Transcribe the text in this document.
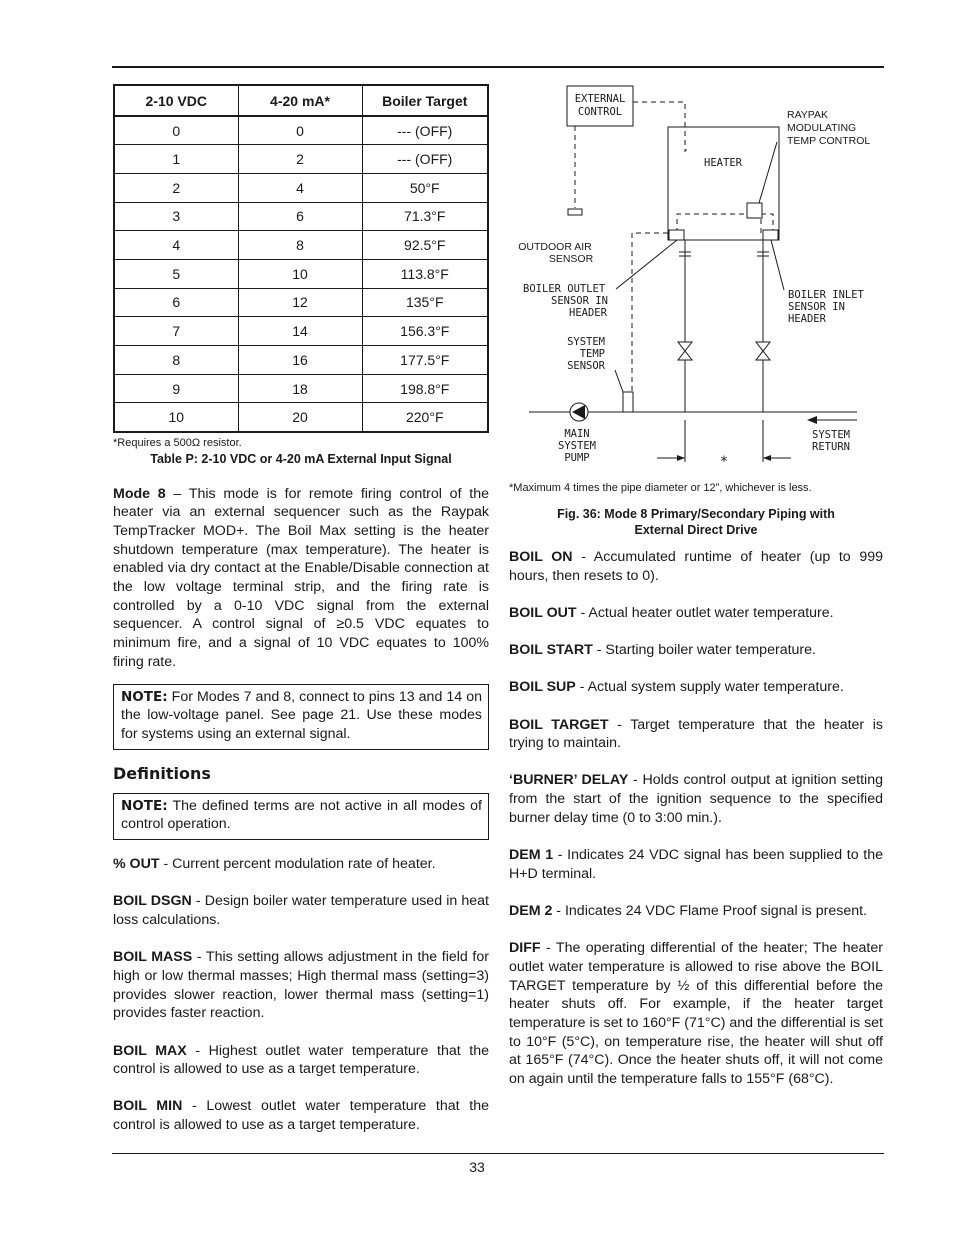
2-10 VDC	4-20 mA*	Boiler Target
0	0	--- (OFF)
1	2	--- (OFF)
2	4	50°F
3	6	71.3°F
4	8	92.5°F
5	10	113.8°F
6	12	135°F
7	14	156.3°F
8	16	177.5°F
9	18	198.8°F
10	20	220°F
*Requires a 500Ω resistor.
Table P: 2-10 VDC or 4-20 mA External Input Signal

Mode 8 – This mode is for remote firing control of the heater via an external sequencer such as the Raypak TempTracker MOD+. The Boil Max setting is the heater shutdown temperature (max temperature). The heater is enabled via dry contact at the Enable/Disable connection at the low voltage terminal strip, and the firing rate is controlled by a 0-10 VDC signal from the external sequencer. A control signal of ≥0.5 VDC equates to minimum fire, and a signal of 10 VDC equates to 100% firing rate.

NOTE: For Modes 7 and 8, connect to pins 13 and 14 on the low-voltage panel. See page 21. Use these modes for systems using an external signal.
Definitions
NOTE: The defined terms are not active in all modes of control operation.

% OUT - Current percent modulation rate of heater.

BOIL DSGN - Design boiler water temperature used in heat loss calculations.

BOIL MASS - This setting allows adjustment in the field for high or low thermal masses; High thermal mass (setting=3) provides slower reaction, lower thermal mass (setting=1) provides faster reaction.

BOIL MAX - Highest outlet water temperature that the control is allowed to use as a target temperature.

BOIL MIN - Lowest outlet water temperature that the control is allowed to use as a target temperature.

EXTERNAL
CONTROL	RAYPAK
MODULATING
TEMP CONTROL
HEATER
OUTDOOR AIR
SENSOR
BOILER OUTLET
SENSOR IN
HEADER
BOILER INLET
SENSOR IN
HEADER
SYSTEM
TEMP
SENSOR
MAIN
SYSTEM
PUMP
SYSTEM
RETURN
*
*Maximum 4 times the pipe diameter or 12”, whichever is less.
Fig. 36: Mode 8 Primary/Secondary Piping with
External Direct Drive

BOIL ON - Accumulated runtime of heater (up to 999 hours, then resets to 0).

BOIL OUT - Actual heater outlet water temperature.

BOIL START - Starting boiler water temperature.

BOIL SUP - Actual system supply water temperature.

BOIL TARGET - Target temperature that the heater is trying to maintain.

‘BURNER’ DELAY - Holds control output at ignition setting from the start of the ignition sequence to the specified burner delay time (0 to 3:00 min.).

DEM 1 - Indicates 24 VDC signal has been supplied to the H+D terminal.

DEM 2 - Indicates 24 VDC Flame Proof signal is present.

DIFF - The operating differential of the heater; The heater outlet water temperature is allowed to rise above the BOIL TARGET temperature by ½ of this differential before the heater shuts off. For example, if the heater target temperature is set to 160°F (71°C) and the differential is set to 10°F (5°C), on temperature rise, the heater will shut off at 165°F (74°C). Once the heater shuts off, it will not come on again until the temperature falls to 155°F (68°C).

33
